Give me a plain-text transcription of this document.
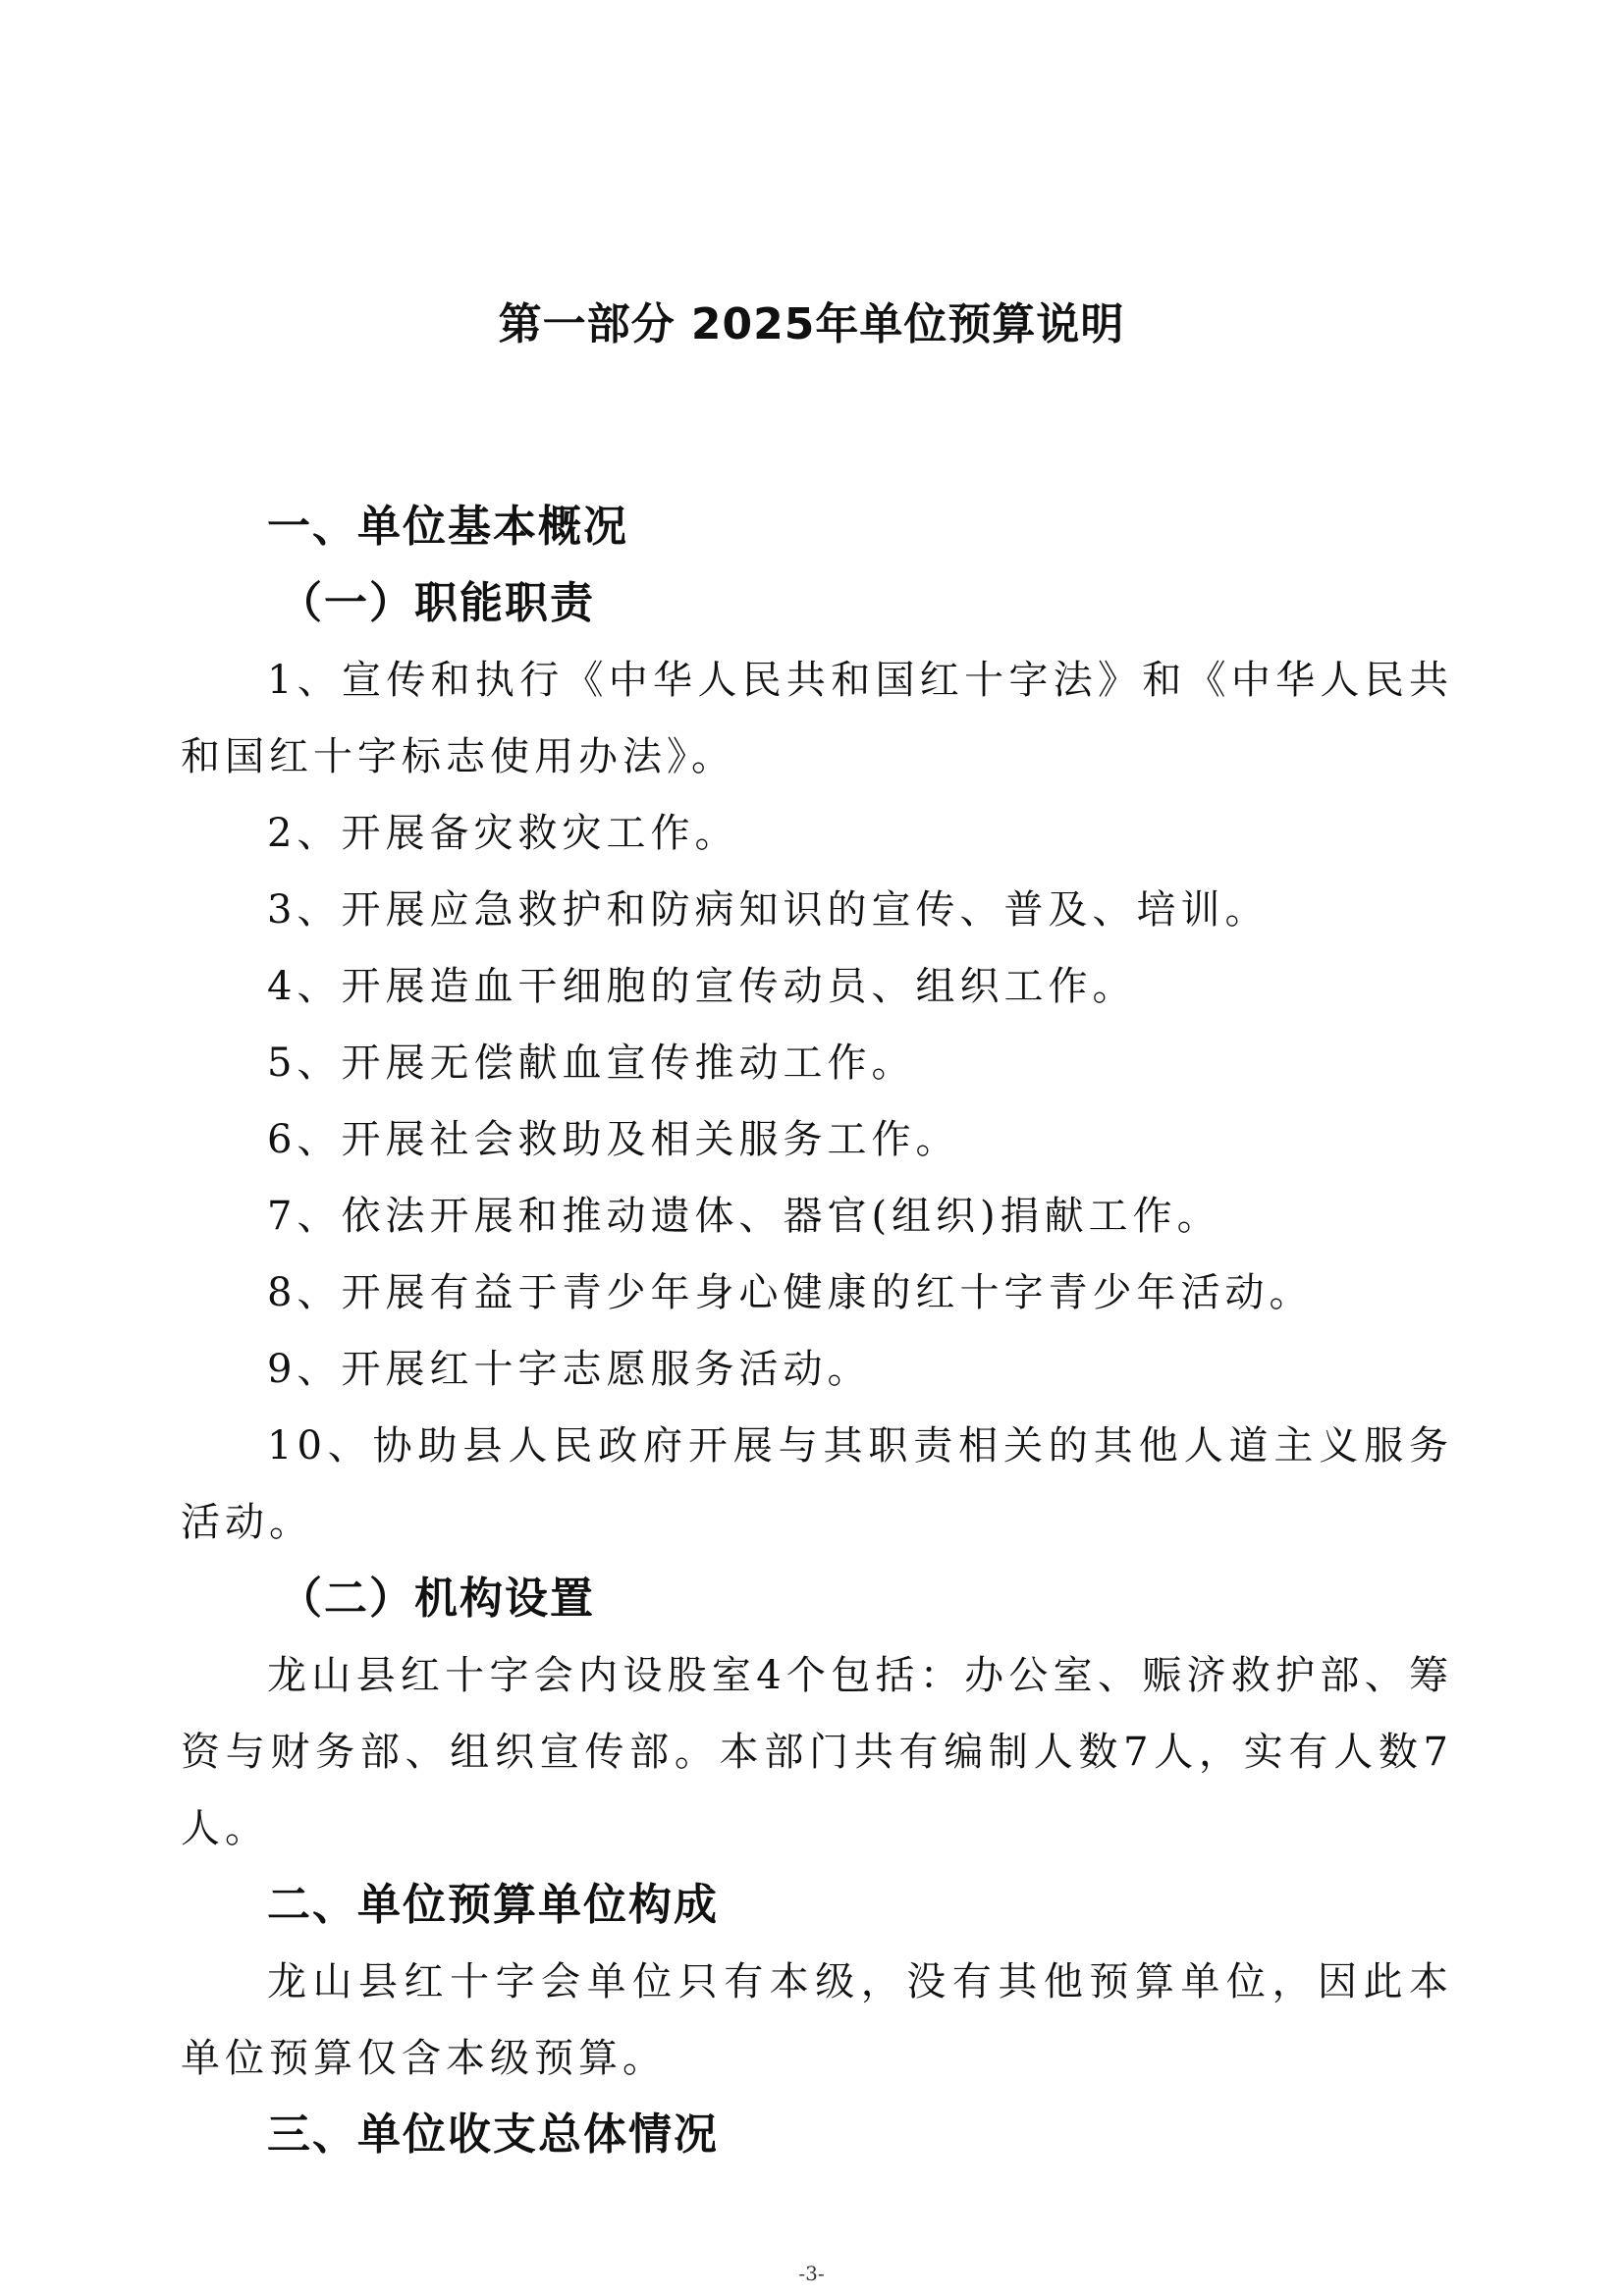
第一部分 2025年单位预算说明
一、单位基本概况
（一）职能职责
1、宣传和执行《中华人民共和国红十字法》和《中华人民共和国红十字标志使用办法》。
2、开展备灾救灾工作。
3、开展应急救护和防病知识的宣传、普及、培训。
4、开展造血干细胞的宣传动员、组织工作。
5、开展无偿献血宣传推动工作。
6、开展社会救助及相关服务工作。
7、依法开展和推动遗体、器官(组织)捐献工作。
8、开展有益于青少年身心健康的红十字青少年活动。
9、开展红十字志愿服务活动。
10、协助县人民政府开展与其职责相关的其他人道主义服务活动。
（二）机构设置
龙山县红十字会内设股室4个包括：办公室、赈济救护部、筹资与财务部、组织宣传部。本部门共有编制人数7人，实有人数7人。
二、单位预算单位构成
龙山县红十字会单位只有本级，没有其他预算单位，因此本单位预算仅含本级预算。
三、单位收支总体情况
-3-
